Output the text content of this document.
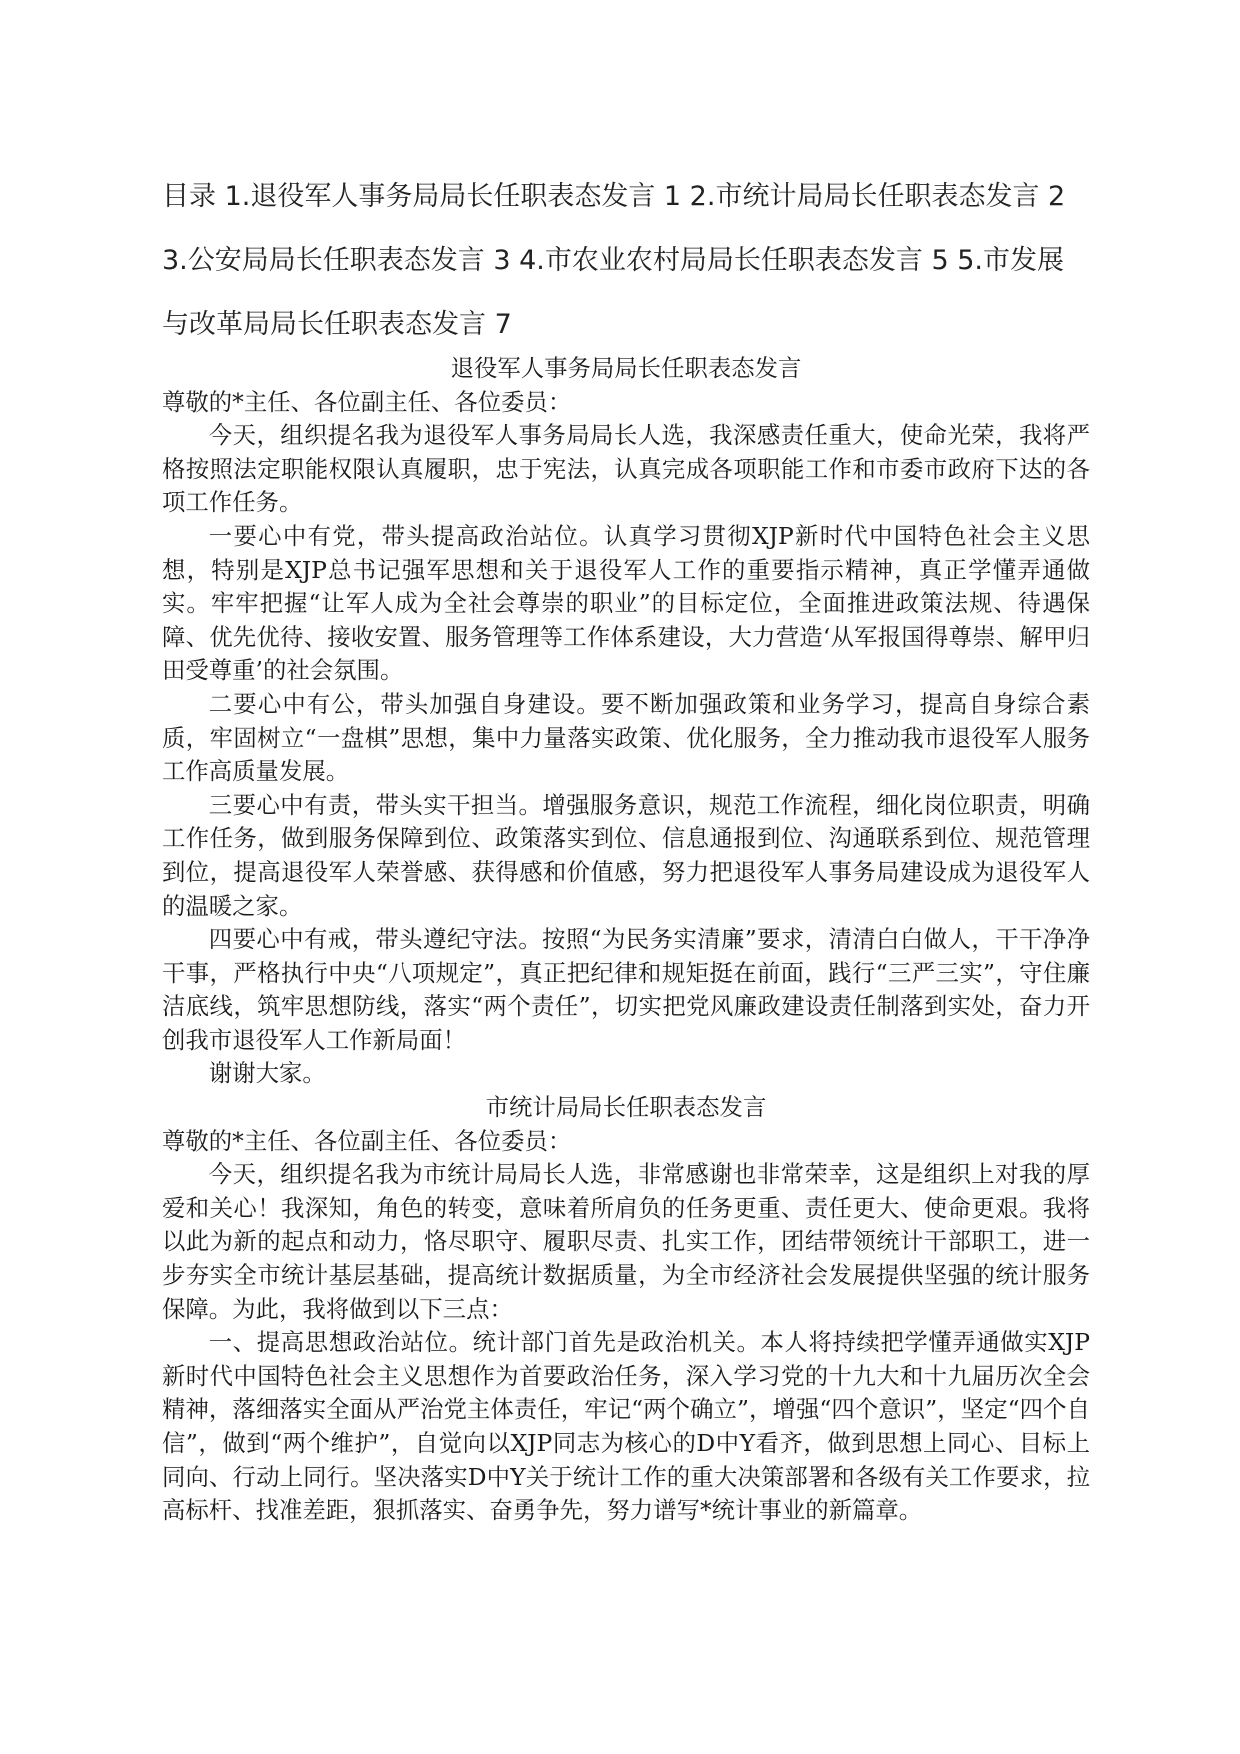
目录 1.退役军人事务局局长任职表态发言 1 2.市统计局局长任职表态发言 2 3.公安局局长任职表态发言 3 4.市农业农村局局长任职表态发言 5 5.市发展与改革局局长任职表态发言 7

退役军人事务局局长任职表态发言

尊敬的*主任、各位副主任、各位委员：

今天，组织提名我为退役军人事务局局长人选，我深感责任重大，使命光荣，我将严格按照法定职能权限认真履职，忠于宪法，认真完成各项职能工作和市委市政府下达的各项工作任务。

一要心中有党，带头提高政治站位。认真学习贯彻XJP新时代中国特色社会主义思想，特别是XJP总书记强军思想和关于退役军人工作的重要指示精神，真正学懂弄通做实。牢牢把握“让军人成为全社会尊崇的职业”的目标定位，全面推进政策法规、待遇保障、优先优待、接收安置、服务管理等工作体系建设，大力营造‘从军报国得尊崇、解甲归田受尊重’的社会氛围。

二要心中有公，带头加强自身建设。要不断加强政策和业务学习，提高自身综合素质，牢固树立“一盘棋”思想，集中力量落实政策、优化服务，全力推动我市退役军人服务工作高质量发展。

三要心中有责，带头实干担当。增强服务意识，规范工作流程，细化岗位职责，明确工作任务，做到服务保障到位、政策落实到位、信息通报到位、沟通联系到位、规范管理到位，提高退役军人荣誉感、获得感和价值感，努力把退役军人事务局建设成为退役军人的温暖之家。

四要心中有戒，带头遵纪守法。按照“为民务实清廉”要求，清清白白做人，干干净净干事，严格执行中央“八项规定”，真正把纪律和规矩挺在前面，践行“三严三实”，守住廉洁底线，筑牢思想防线，落实“两个责任”，切实把党风廉政建设责任制落到实处，奋力开创我市退役军人工作新局面！

谢谢大家。

市统计局局长任职表态发言

尊敬的*主任、各位副主任、各位委员：

今天，组织提名我为市统计局局长人选，非常感谢也非常荣幸，这是组织上对我的厚爱和关心！我深知，角色的转变，意味着所肩负的任务更重、责任更大、使命更艰。我将以此为新的起点和动力，恪尽职守、履职尽责、扎实工作，团结带领统计干部职工，进一步夯实全市统计基层基础，提高统计数据质量，为全市经济社会发展提供坚强的统计服务保障。为此，我将做到以下三点：

一、提高思想政治站位。统计部门首先是政治机关。本人将持续把学懂弄通做实XJP新时代中国特色社会主义思想作为首要政治任务，深入学习党的十九大和十九届历次全会精神，落细落实全面从严治党主体责任，牢记“两个确立”，增强“四个意识”，坚定“四个自信”，做到“两个维护”，自觉向以XJP同志为核心的D中Y看齐，做到思想上同心、目标上同向、行动上同行。坚决落实D中Y关于统计工作的重大决策部署和各级有关工作要求，拉高标杆、找准差距，狠抓落实、奋勇争先，努力谱写*统计事业的新篇章。
